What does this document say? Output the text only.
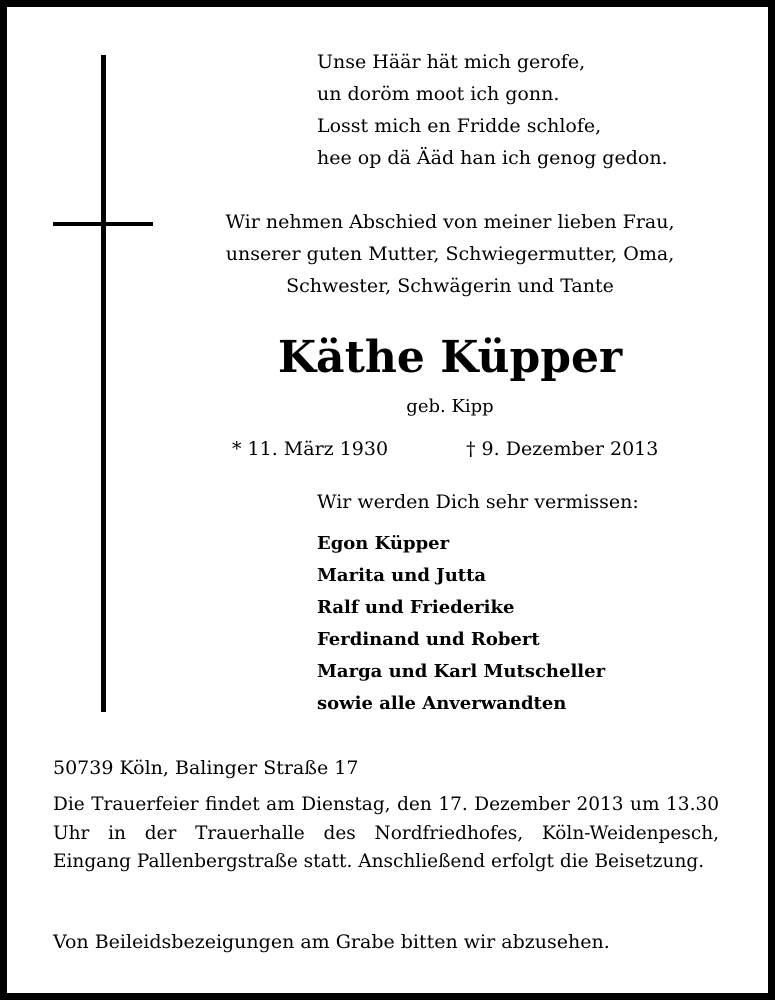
Unse Häär hät mich gerofe,
un doröm moot ich gonn.
Losst mich en Fridde schlofe,
hee op dä Ääd han ich genog gedon.
Wir nehmen Abschied von meiner lieben Frau,
unserer guten Mutter, Schwiegermutter, Oma,
Schwester, Schwägerin und Tante
Käthe Küpper
geb. Kipp
* 11. März 1930	† 9. Dezember 2013
Wir werden Dich sehr vermissen:
Egon Küpper
Marita und Jutta
Ralf und Friederike
Ferdinand und Robert
Marga und Karl Mutscheller
sowie alle Anverwandten
50739 Köln, Balinger Straße 17

Die Trauerfeier findet am Dienstag, den 17. Dezember 2013 um 13.30 Uhr in der Trauerhalle des Nordfriedhofes, Köln-Weidenpesch, Eingang Pallenbergstraße statt. Anschließend erfolgt die Beisetzung.

Von Beileidsbezeigungen am Grabe bitten wir abzusehen.
